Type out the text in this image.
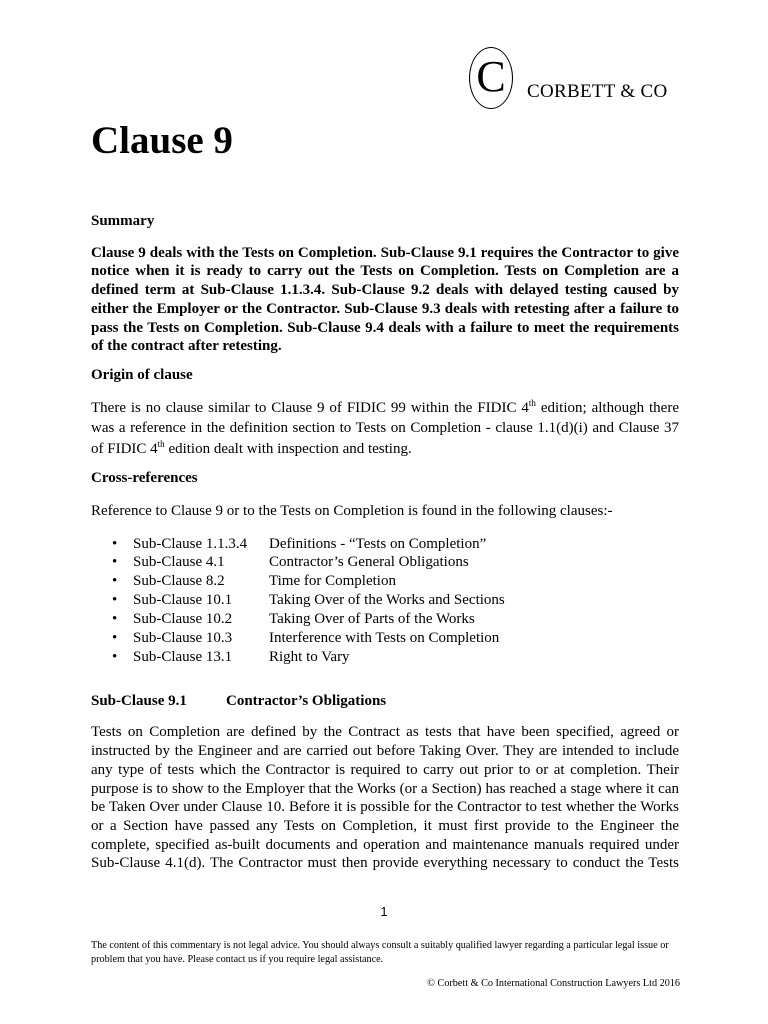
C	CORBETT & CO
Clause 9

Summary

Clause 9 deals with the Tests on Completion. Sub-Clause 9.1 requires the Contractor to give notice when it is ready to carry out the Tests on Completion. Tests on Completion are a defined term at Sub-Clause 1.1.3.4. Sub-Clause 9.2 deals with delayed testing caused by either the Employer or the Contractor. Sub-Clause 9.3 deals with retesting after a failure to pass the Tests on Completion. Sub-Clause 9.4 deals with a failure to meet the requirements of the contract after retesting.

Origin of clause

There is no clause similar to Clause 9 of FIDIC 99 within the FIDIC 4th edition; although there was a reference in the definition section to Tests on Completion - clause 1.1(d)(i) and Clause 37 of FIDIC 4th edition dealt with inspection and testing.

Cross-references

Reference to Clause 9 or to the Tests on Completion is found in the following clauses:-

•	Sub-Clause 1.1.3.4	Definitions - “Tests on Completion”
•	Sub-Clause 4.1	Contractor’s General Obligations
•	Sub-Clause 8.2	Time for Completion
•	Sub-Clause 10.1	Taking Over of the Works and Sections
•	Sub-Clause 10.2	Taking Over of Parts of the Works
•	Sub-Clause 10.3	Interference with Tests on Completion
•	Sub-Clause 13.1	Right to Vary

Sub-Clause 9.1	Contractor’s Obligations

Tests on Completion are defined by the Contract as tests that have been specified, agreed or instructed by the Engineer and are carried out before Taking Over. They are intended to include any type of tests which the Contractor is required to carry out prior to or at completion. Their purpose is to show to the Employer that the Works (or a Section) has reached a stage where it can be Taken Over under Clause 10. Before it is possible for the Contractor to test whether the Works or a Section have passed any Tests on Completion, it must first provide to the Engineer the complete, specified as-built documents and operation and maintenance manuals required under Sub-Clause 4.1(d). The Contractor must then provide everything necessary to conduct the Tests

1
The content of this commentary is not legal advice. You should always consult a suitably qualified lawyer regarding a particular legal issue or problem that you have. Please contact us if you require legal assistance.
© Corbett & Co International Construction Lawyers Ltd 2016
